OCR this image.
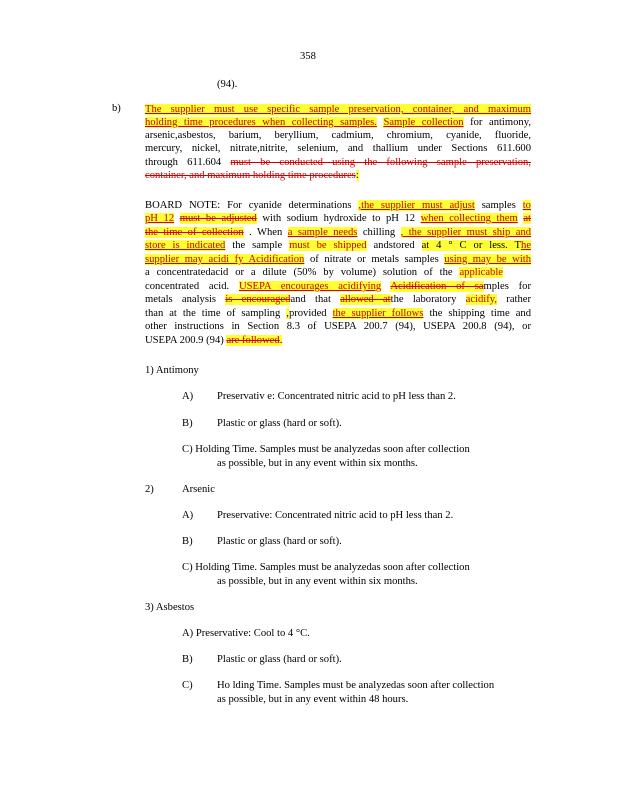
358
(94).
b) The supplier must use specific sample preservation, container, and maximum
holding time procedures when collecting samples. Sample collection for antimony,
arsenic,asbestos, barium, beryllium, cadmium, chromium, cyanide, fluoride,
mercury, nickel, nitrate,nitrite, selenium, and thallium under Sections 611.600
through 611.604 must be conducted using the following sample preservation,
container, and maximum holding time procedures:
BOARD NOTE: For cyanide determinations ,the supplier must adjust samples to
pH 12 must be adjusted with sodium hydroxide to pH 12 when collecting them at
the time of collection . When a sample needs chilling , the supplier must ship and
store is indicated the sample must be shipped andstored at 4 ° C or less. The
supplier may acidi fy Acidification of nitrate or metals samples using may be with
a concentratedacid or a dilute (50% by volume) solution of the applicable
concentrated acid. USEPA encourages acidifying Acidification of samples for
metals analysis is encouragedand that allowed atthe laboratory acidify, rather
than at the time of sampling ,provided the supplier follows the shipping time and
other instructions in Section 8.3 of USEPA 200.7 (94), USEPA 200.8 (94), or
USEPA 200.9 (94) are followed.
1) Antimony
A) Preservativ e: Concentrated nitric acid to pH less than 2.
B) Plastic or glass (hard or soft).
C) Holding Time. Samples must be analyzedas soon after collection
as possible, but in any event within six months.
2)	Arsenic
A) Preservative: Concentrated nitric acid to pH less than 2.
B) Plastic or glass (hard or soft).
C) Holding Time. Samples must be analyzedas soon after collection
as possible, but in any event within six months.
3) Asbestos
A) Preservative: Cool to 4 °C.
B) Plastic or glass (hard or soft).
C) Ho lding Time. Samples must be analyzedas soon after collection
as possible, but in any event within 48 hours.
